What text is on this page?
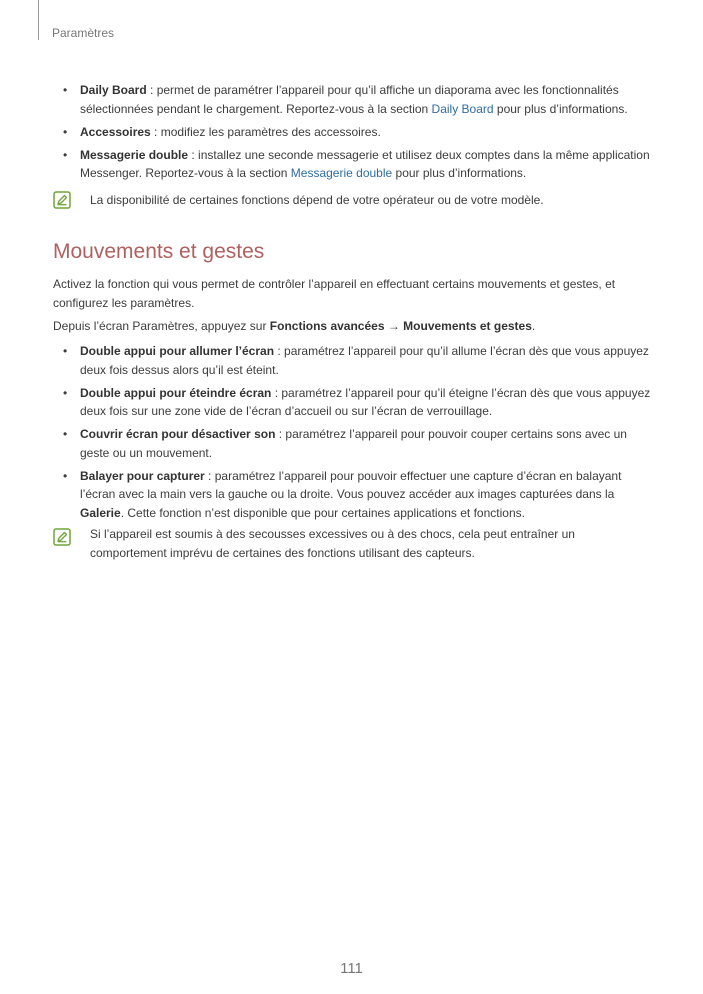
Paramètres
• Daily Board : permet de paramétrer l’appareil pour qu’il affiche un diaporama avec les fonctionnalités sélectionnées pendant le chargement. Reportez-vous à la section Daily Board pour plus d’informations.
• Accessoires : modifiez les paramètres des accessoires.
• Messagerie double : installez une seconde messagerie et utilisez deux comptes dans la même application Messenger. Reportez-vous à la section Messagerie double pour plus d’informations.
La disponibilité de certaines fonctions dépend de votre opérateur ou de votre modèle.
Mouvements et gestes

Activez la fonction qui vous permet de contrôler l’appareil en effectuant certains mouvements et gestes, et configurez les paramètres.

Depuis l’écran Paramètres, appuyez sur Fonctions avancées → Mouvements et gestes.

• Double appui pour allumer l’écran : paramétrez l’appareil pour qu’il allume l’écran dès que vous appuyez deux fois dessus alors qu’il est éteint.
• Double appui pour éteindre écran : paramétrez l’appareil pour qu’il éteigne l’écran dès que vous appuyez deux fois sur une zone vide de l’écran d’accueil ou sur l’écran de verrouillage.
• Couvrir écran pour désactiver son : paramétrez l’appareil pour pouvoir couper certains sons avec un geste ou un mouvement.
• Balayer pour capturer : paramétrez l’appareil pour pouvoir effectuer une capture d’écran en balayant l’écran avec la main vers la gauche ou la droite. Vous pouvez accéder aux images capturées dans la Galerie. Cette fonction n’est disponible que pour certaines applications et fonctions.
Si l’appareil est soumis à des secousses excessives ou à des chocs, cela peut entraîner un comportement imprévu de certaines des fonctions utilisant des capteurs.
111
